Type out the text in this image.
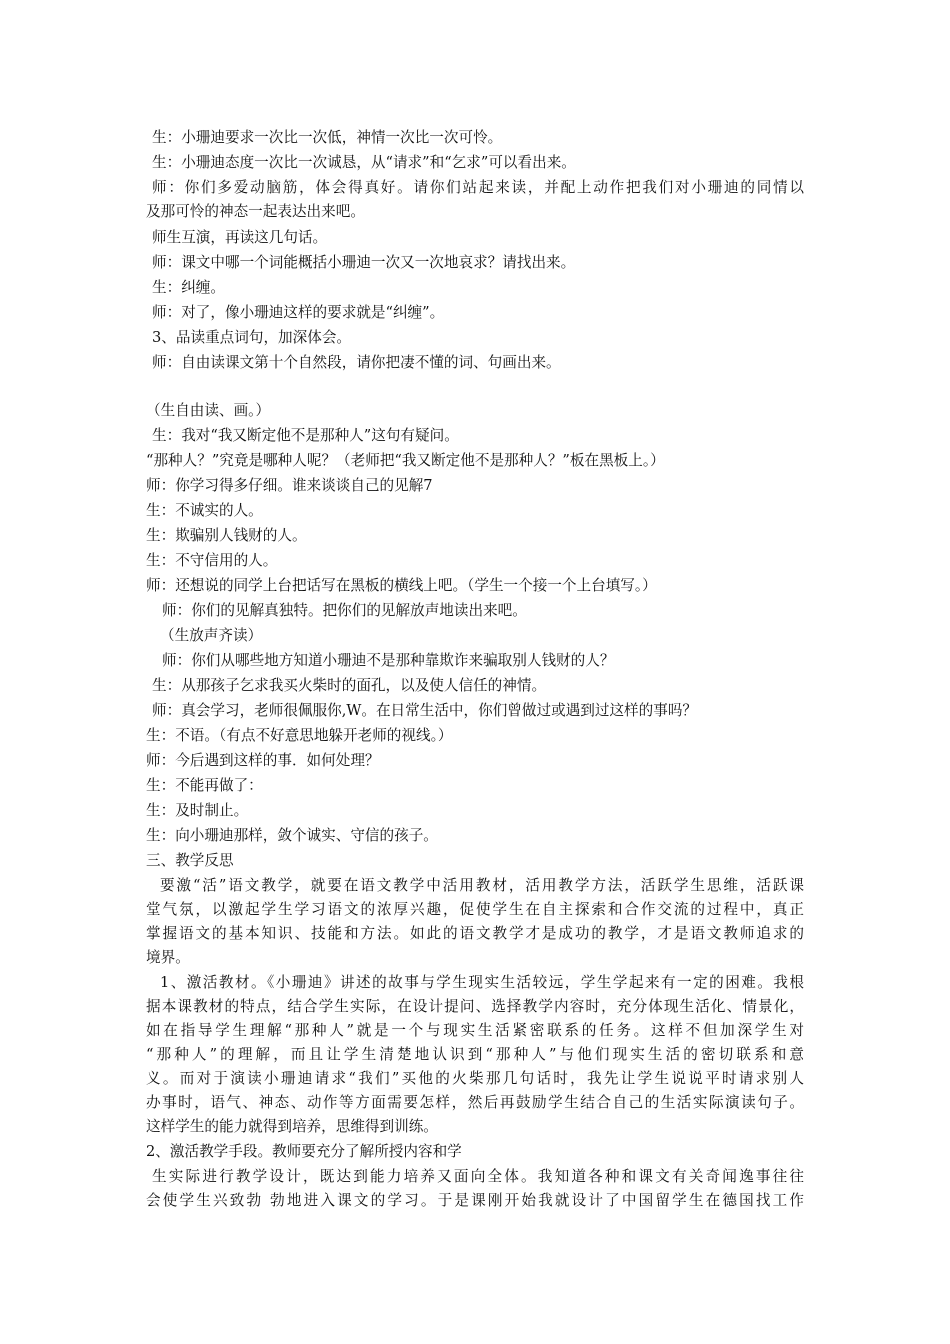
生：小珊迪要求一次比一次低，神情一次比一次可怜。
生：小珊迪态度一次比一次诚恳，从“请求”和“乞求”可以看出来。
师：你们多爱动脑筋，体会得真好。请你们站起来读，并配上动作把我们对小珊迪的同情以
及那可怜的神态一起表达出来吧。
师生互演，再读这几句话。
师：课文中哪一个词能概括小珊迪一次又一次地哀求？请找出来。
生：纠缠。
师：对了，像小珊迪这样的要求就是“纠缠”。
3、品读重点词句，加深体会。
师：自由读课文第十个自然段，请你把凄不懂的词、句画出来。
（生自由读、画。）
生：我对“我又断定他不是那种人”这句有疑问。
“那种人？”究竟是哪种人呢？（老师把“我又断定他不是那种人？”板在黑板上。）
师：你学习得多仔细。谁来谈谈自己的见解7
生：不诚实的人。
生：欺骗别人钱财的人。
生：不守信用的人。
师：还想说的同学上台把话写在黑板的横线上吧。（学生一个接一个上台填写。）
师：你们的见解真独特。把你们的见解放声地读出来吧。
（生放声齐读）
师：你们从哪些地方知道小珊迪不是那种靠欺诈来骗取别人钱财的人？
生：从那孩子乞求我买火柴时的面孔，以及使人信任的神情。
师：真会学习，老师很佩服你,W。在日常生活中，你们曾做过或遇到过这样的事吗？
生：不语。（有点不好意思地躲开老师的视线。）
师：今后遇到这样的事．如何处理？
生：不能再做了：
生：及时制止。
生：向小珊迪那样，敛个诚实、守信的孩子。
三、教学反思
要激“活”语文教学，就要在语文教学中活用教材，活用教学方法，活跃学生思维，活跃课
堂气氛，以激起学生学习语文的浓厚兴趣，促使学生在自主探索和合作交流的过程中，真正
掌握语文的基本知识、技能和方法。如此的语文教学才是成功的教学，才是语文教师追求的
境界。
1、激活教材。《小珊迪》讲述的故事与学生现实生活较远，学生学起来有一定的困难。我根
据本课教材的特点，结合学生实际，在设计提问、选择教学内容时，充分体现生活化、情景化，
如在指导学生理解“那种人”就是一个与现实生活紧密联系的任务。这样不但加深学生对
“那种人”的理解，而且让学生清楚地认识到“那种人”与他们现实生活的密切联系和意
义。而对于演读小珊迪请求“我们”买他的火柴那几句话时，我先让学生说说平时请求别人
办事时，语气、神态、动作等方面需要怎样，然后再鼓励学生结合自己的生活实际演读句子。
这样学生的能力就得到培养，思维得到训练。
2、激活教学手段。教师要充分了解所授内容和学
生实际进行教学设计，既达到能力培养又面向全体。我知道各种和课文有关奇闻逸事往往
会使学生兴致勃 勃地进入课文的学习。于是课刚开始我就设计了中国留学生在德国找工作
